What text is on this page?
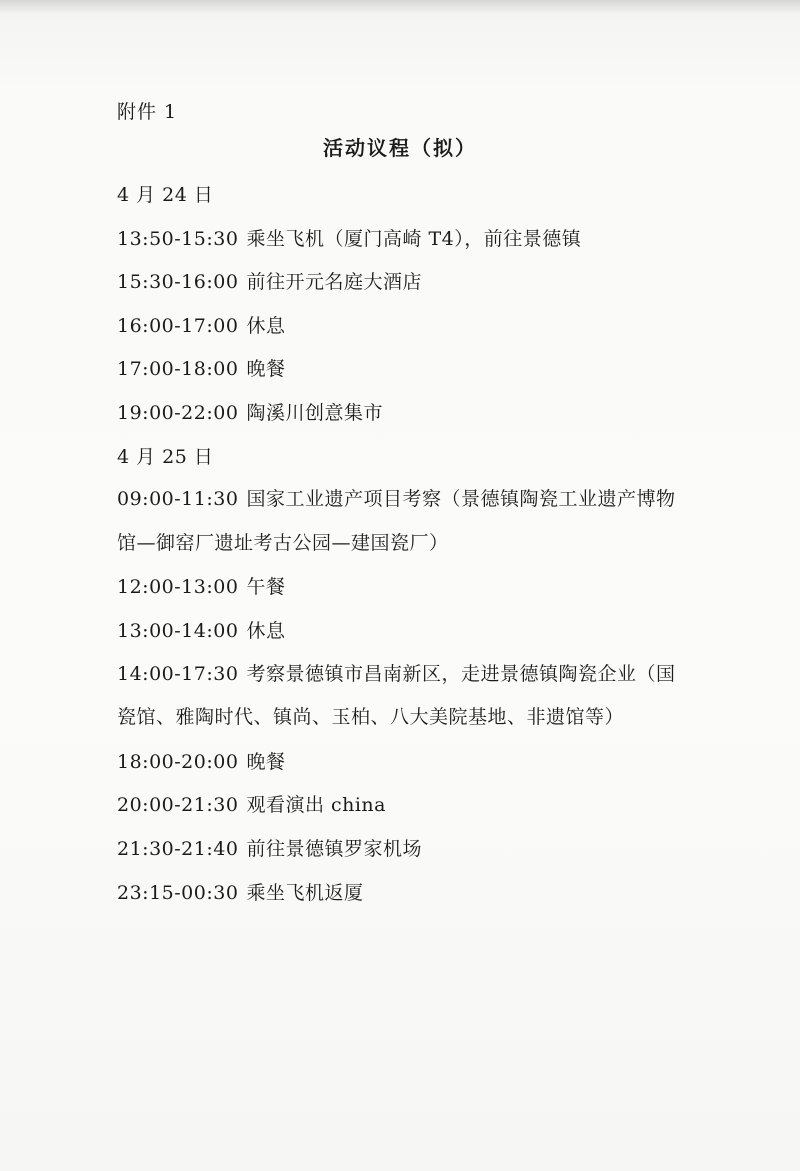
附件 1
活动议程（拟）
4 月 24 日
13:50-15:30 乘坐飞机（厦门高崎 T4），前往景德镇
15:30-16:00 前往开元名庭大酒店
16:00-17:00 休息
17:00-18:00 晚餐
19:00-22:00 陶溪川创意集市
4 月 25 日
09:00-11:30 国家工业遗产项目考察（景德镇陶瓷工业遗产博物馆—御窑厂遗址考古公园—建国瓷厂）
12:00-13:00 午餐
13:00-14:00 休息
14:00-17:30 考察景德镇市昌南新区，走进景德镇陶瓷企业（国瓷馆、雅陶时代、镇尚、玉柏、八大美院基地、非遗馆等）
18:00-20:00 晚餐
20:00-21:30 观看演出 china
21:30-21:40 前往景德镇罗家机场
23:15-00:30 乘坐飞机返厦
